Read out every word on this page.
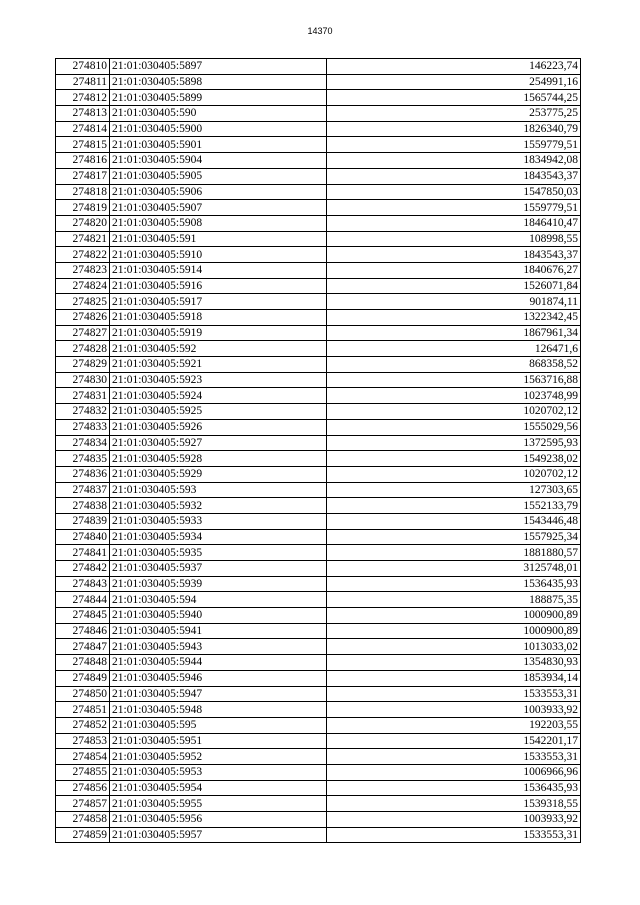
14370
274810	21:01:030405:5897	146223,74
274811	21:01:030405:5898	254991,16
274812	21:01:030405:5899	1565744,25
274813	21:01:030405:590	253775,25
274814	21:01:030405:5900	1826340,79
274815	21:01:030405:5901	1559779,51
274816	21:01:030405:5904	1834942,08
274817	21:01:030405:5905	1843543,37
274818	21:01:030405:5906	1547850,03
274819	21:01:030405:5907	1559779,51
274820	21:01:030405:5908	1846410,47
274821	21:01:030405:591	108998,55
274822	21:01:030405:5910	1843543,37
274823	21:01:030405:5914	1840676,27
274824	21:01:030405:5916	1526071,84
274825	21:01:030405:5917	901874,11
274826	21:01:030405:5918	1322342,45
274827	21:01:030405:5919	1867961,34
274828	21:01:030405:592	126471,6
274829	21:01:030405:5921	868358,52
274830	21:01:030405:5923	1563716,88
274831	21:01:030405:5924	1023748,99
274832	21:01:030405:5925	1020702,12
274833	21:01:030405:5926	1555029,56
274834	21:01:030405:5927	1372595,93
274835	21:01:030405:5928	1549238,02
274836	21:01:030405:5929	1020702,12
274837	21:01:030405:593	127303,65
274838	21:01:030405:5932	1552133,79
274839	21:01:030405:5933	1543446,48
274840	21:01:030405:5934	1557925,34
274841	21:01:030405:5935	1881880,57
274842	21:01:030405:5937	3125748,01
274843	21:01:030405:5939	1536435,93
274844	21:01:030405:594	188875,35
274845	21:01:030405:5940	1000900,89
274846	21:01:030405:5941	1000900,89
274847	21:01:030405:5943	1013033,02
274848	21:01:030405:5944	1354830,93
274849	21:01:030405:5946	1853934,14
274850	21:01:030405:5947	1533553,31
274851	21:01:030405:5948	1003933,92
274852	21:01:030405:595	192203,55
274853	21:01:030405:5951	1542201,17
274854	21:01:030405:5952	1533553,31
274855	21:01:030405:5953	1006966,96
274856	21:01:030405:5954	1536435,93
274857	21:01:030405:5955	1539318,55
274858	21:01:030405:5956	1003933,92
274859	21:01:030405:5957	1533553,31
